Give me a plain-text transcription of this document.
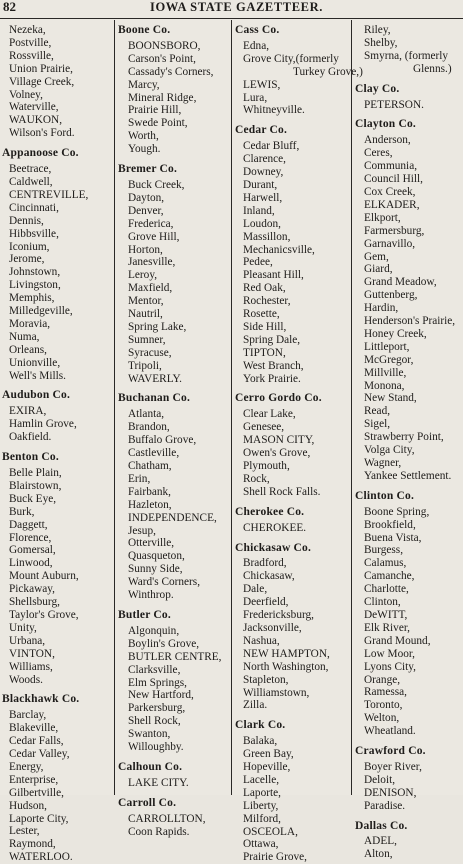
82	IOWA STATE GAZETTEER.
Nezeka,
Postville,
Rossville,
Union Prairie,
Village Creek,
Volney,
Waterville,
WAUKON,
Wilson's Ford.
Appanoose Co.
Beetrace,
Caldwell,
CENTREVILLE,
Cincinnati,
Dennis,
Hibbsville,
Iconium,
Jerome,
Johnstown,
Livingston,
Memphis,
Milledgeville,
Moravia,
Numa,
Orleans,
Unionville,
Well's Mills.
Audubon Co.
EXIRA,
Hamlin Grove,
Oakfield.
Benton Co.
Belle Plain,
Blairstown,
Buck Eye,
Burk,
Daggett,
Florence,
Gomersal,
Linwood,
Mount Auburn,
Pickaway,
Shellsburg,
Taylor's Grove,
Unity,
Urbana,
VINTON,
Williams,
Woods.
Blackhawk Co.
Barclay,
Blakeville,
Cedar Falls,
Cedar Valley,
Energy,
Enterprise,
Gilbertville,
Hudson,
Laporte City,
Lester,
Raymond,
WATERLOO.
Boone Co.
BOONSBORO,
Carson's Point,
Cassady's Corners,
Marcy,
Mineral Ridge,
Prairie Hill,
Swede Point,
Worth,
Yough.
Bremer Co.
Buck Creek,
Dayton,
Denver,
Frederica,
Grove Hill,
Horton,
Janesville,
Leroy,
Maxfield,
Mentor,
Nautril,
Spring Lake,
Sumner,
Syracuse,
Tripoli,
WAVERLY.
Buchanan Co.
Atlanta,
Brandon,
Buffalo Grove,
Castleville,
Chatham,
Erin,
Fairbank,
Hazleton,
INDEPENDENCE,
Jesup,
Otterville,
Quasqueton,
Sunny Side,
Ward's Corners,
Winthrop.
Butler Co.
Algonquin,
Boylin's Grove,
BUTLER CENTRE,
Clarksville,
Elm Springs,
New Hartford,
Parkersburg,
Shell Rock,
Swanton,
Willoughby.
Calhoun Co.
LAKE CITY.
Carroll Co.
CARROLLTON,
Coon Rapids.
Cass Co.
Edna,
Grove City,(formerly
Turkey Grove,)
LEWIS,
Lura,
Whitneyville.
Cedar Co.
Cedar Bluff,
Clarence,
Downey,
Durant,
Harwell,
Inland,
Loudon,
Massillon,
Mechanicsville,
Pedee,
Pleasant Hill,
Red Oak,
Rochester,
Rosette,
Side Hill,
Spring Dale,
TIPTON,
West Branch,
York Prairie.
Cerro Gordo Co.
Clear Lake,
Genesee,
MASON CITY,
Owen's Grove,
Plymouth,
Rock,
Shell Rock Falls.
Cherokee Co.
CHEROKEE.
Chickasaw Co.
Bradford,
Chickasaw,
Dale,
Deerfield,
Fredericksburg,
Jacksonville,
Nashua,
NEW HAMPTON,
North Washington,
Stapleton,
Williamstown,
Zilla.
Clark Co.
Balaka,
Green Bay,
Hopeville,
Lacelle,
Laporte,
Liberty,
Milford,
OSCEOLA,
Ottawa,
Prairie Grove,
Riley,
Shelby,
Smyrna, (formerly
Glenns.)
Clay Co.
PETERSON.
Clayton Co.
Anderson,
Ceres,
Communia,
Council Hill,
Cox Creek,
ELKADER,
Elkport,
Farmersburg,
Garnavillo,
Gem,
Giard,
Grand Meadow,
Guttenberg,
Hardin,
Henderson's Prairie,
Honey Creek,
Littleport,
McGregor,
Millville,
Monona,
New Stand,
Read,
Sigel,
Strawberry Point,
Volga City,
Wagner,
Yankee Settlement.
Clinton Co.
Boone Spring,
Brookfield,
Buena Vista,
Burgess,
Calamus,
Camanche,
Charlotte,
Clinton,
DeWITT,
Elk River,
Grand Mound,
Low Moor,
Lyons City,
Orange,
Ramessa,
Toronto,
Welton,
Wheatland.
Crawford Co.
Boyer River,
Deloit,
DENISON,
Paradise.
Dallas Co.
ADEL,
Alton,
